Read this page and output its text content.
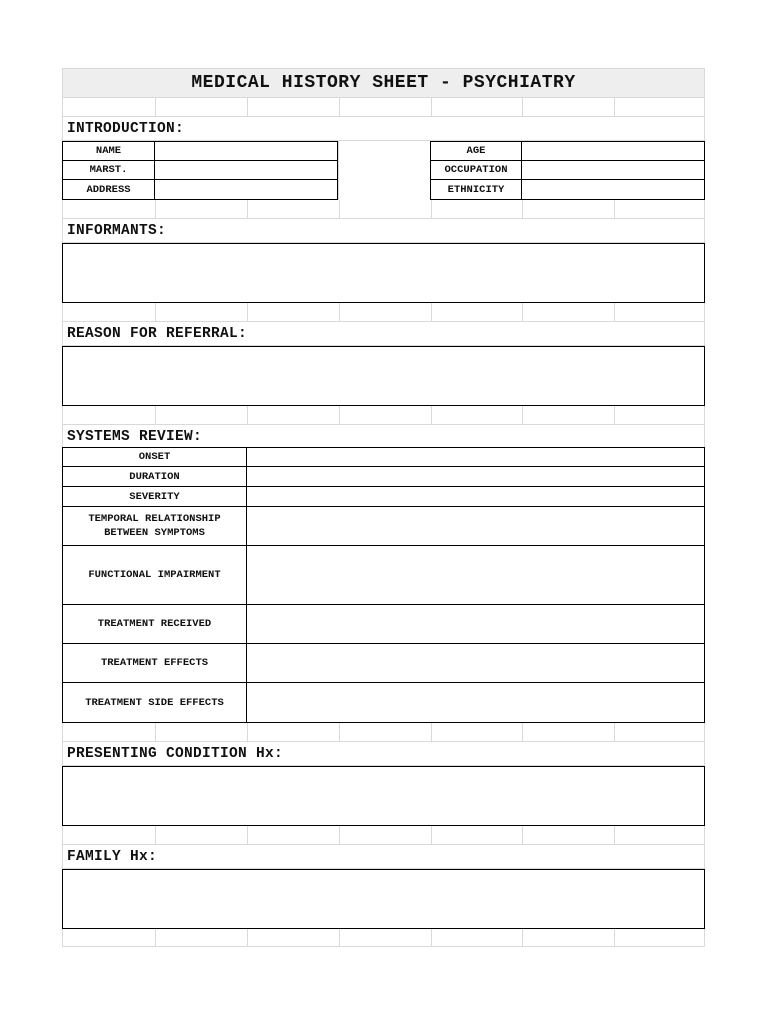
MEDICAL HISTORY SHEET - PSYCHIATRY
INTRODUCTION:
NAME
MARST.
ADDRESS
AGE
OCCUPATION
ETHNICITY
INFORMANTS:
REASON FOR REFERRAL:
SYSTEMS REVIEW:
ONSET
DURATION
SEVERITY
TEMPORAL RELATIONSHIP BETWEEN SYMPTOMS
FUNCTIONAL IMPAIRMENT
TREATMENT RECEIVED
TREATMENT EFFECTS
TREATMENT SIDE EFFECTS
PRESENTING CONDITION Hx:
FAMILY Hx:
